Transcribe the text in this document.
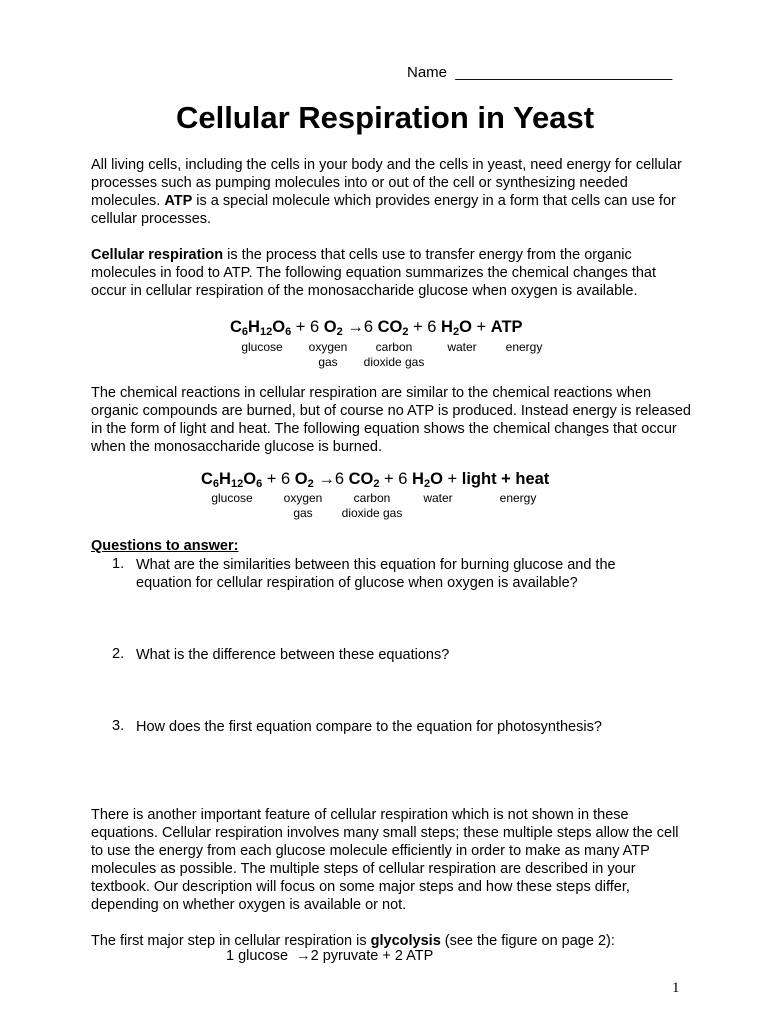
Name __________________________
Cellular Respiration in Yeast

All living cells, including the cells in your body and the cells in yeast, need energy for cellular processes such as pumping molecules into or out of the cell or synthesizing needed molecules. ATP is a special molecule which provides energy in a form that cells can use for cellular processes.

Cellular respiration is the process that cells use to transfer energy from the organic molecules in food to ATP. The following equation summarizes the chemical changes that occur in cellular respiration of the monosaccharide glucose when oxygen is available.

$C_6H_{12}O_6 + 6$ $O_2 \to 6$ $CO_2 + 6$ $H_2O$ + ATP
glucose	oxygen
gas
carbon
dioxide gas
water	energy

The chemical reactions in cellular respiration are similar to the chemical reactions when organic compounds are burned, but of course no ATP is produced. Instead energy is released in the form of light and heat. The following equation shows the chemical changes that occur when the monosaccharide glucose is burned.

$C_6H_{12}O_6 + 6$ $O_2 \to 6$ $CO_2 + 6$ $H_2O$ + light + heat
glucose	oxygen
gas
carbon
dioxide gas
water	energy
Questions to answer:
1. What are the similarities between this equation for burning glucose and the equation for cellular respiration of glucose when oxygen is available?
2. What is the difference between these equations?
3. How does the first equation compare to the equation for photosynthesis?

There is another important feature of cellular respiration which is not shown in these equations. Cellular respiration involves many small steps; these multiple steps allow the cell to use the energy from each glucose molecule efficiently in order to make as many ATP molecules as possible. The multiple steps of cellular respiration are described in your textbook. Our description will focus on some major steps and how these steps differ, depending on whether oxygen is available or not.

The first major step in cellular respiration is glycolysis (see the figure on page 2):

1 glucose  →2 pyruvate + 2 ATP
1
